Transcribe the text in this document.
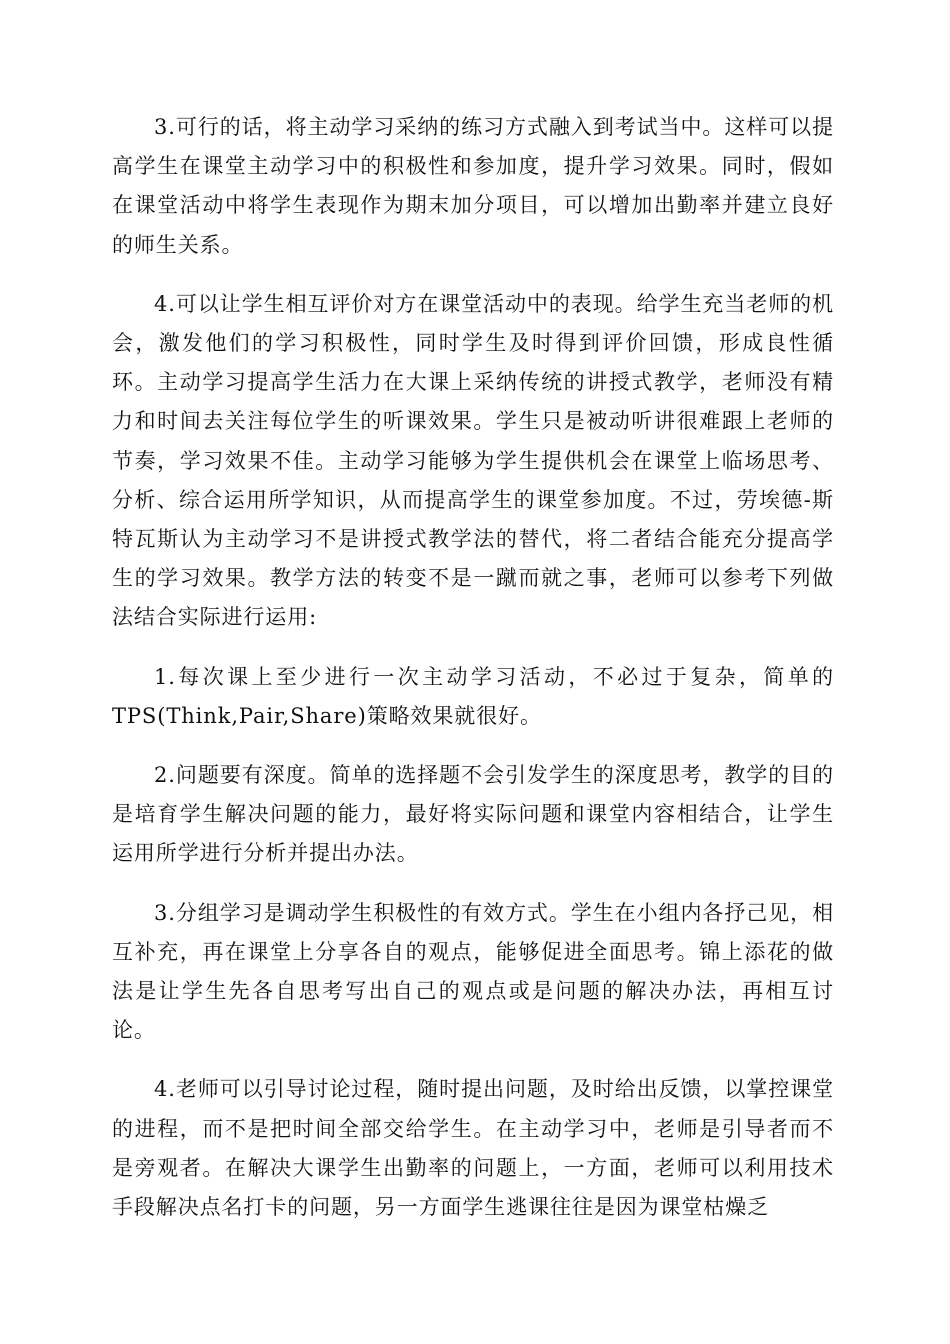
3.可行的话，将主动学习采纳的练习方式融入到考试当中。这样可以提高学生在课堂主动学习中的积极性和参加度，提升学习效果。同时，假如在课堂活动中将学生表现作为期末加分项目，可以增加出勤率并建立良好的师生关系。

4.可以让学生相互评价对方在课堂活动中的表现。给学生充当老师的机会，激发他们的学习积极性，同时学生及时得到评价回馈，形成良性循环。主动学习提高学生活力在大课上采纳传统的讲授式教学，老师没有精力和时间去关注每位学生的听课效果。学生只是被动听讲很难跟上老师的节奏，学习效果不佳。主动学习能够为学生提供机会在课堂上临场思考、分析、综合运用所学知识，从而提高学生的课堂参加度。不过，劳埃德-斯特瓦斯认为主动学习不是讲授式教学法的替代，将二者结合能充分提高学生的学习效果。教学方法的转变不是一蹴而就之事，老师可以参考下列做法结合实际进行运用:

1.每次课上至少进行一次主动学习活动，不必过于复杂，简单的TPS(Think,Pair,Share)策略效果就很好。

2.问题要有深度。简单的选择题不会引发学生的深度思考，教学的目的是培育学生解决问题的能力，最好将实际问题和课堂内容相结合，让学生运用所学进行分析并提出办法。

3.分组学习是调动学生积极性的有效方式。学生在小组内各抒己见，相互补充，再在课堂上分享各自的观点，能够促进全面思考。锦上添花的做法是让学生先各自思考写出自己的观点或是问题的解决办法，再相互讨论。

4.老师可以引导讨论过程，随时提出问题，及时给出反馈，以掌控课堂的进程，而不是把时间全部交给学生。在主动学习中，老师是引导者而不是旁观者。在解决大课学生出勤率的问题上，一方面，老师可以利用技术手段解决点名打卡的问题，另一方面学生逃课往往是因为课堂枯燥乏
